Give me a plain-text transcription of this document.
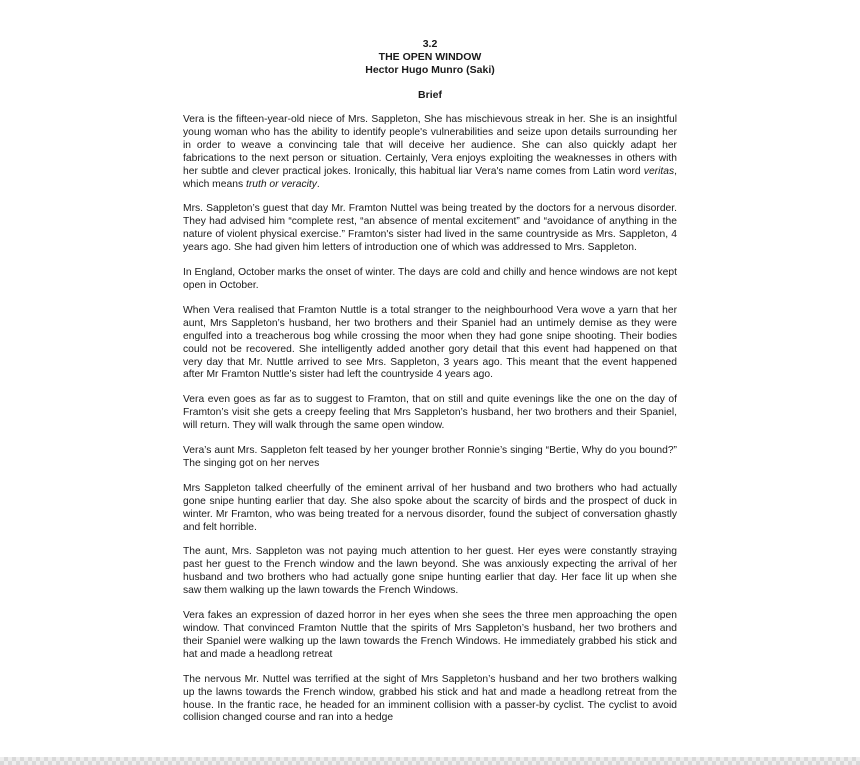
3.2
THE OPEN WINDOW
Hector Hugo Munro (Saki)
Brief

Vera is the fifteen-year-old niece of Mrs. Sappleton, She has mischievous streak in her. She is an insightful young woman who has the ability to identify people's vulnerabilities and seize upon details surrounding her in order to weave a convincing tale that will deceive her audience. She can also quickly adapt her fabrications to the next person or situation. Certainly, Vera enjoys exploiting the weaknesses in others with her subtle and clever practical jokes. Ironically, this habitual liar Vera's name comes from Latin word veritas, which means truth or veracity.

Mrs. Sappleton’s guest that day Mr. Framton Nuttel was being treated by the doctors for a nervous disorder. They had advised him “complete rest, “an absence of mental excitement” and “avoidance of anything in the nature of violent physical exercise.” Framton's sister had lived in the same countryside as Mrs. Sappleton, 4 years ago. She had given him letters of introduction one of which was addressed to Mrs. Sappleton.

In England, October marks the onset of winter. The days are cold and chilly and hence windows are not kept open in October.

When Vera realised that Framton Nuttle is a total stranger to the neighbourhood Vera wove a yarn that her aunt, Mrs Sappleton’s husband, her two brothers and their Spaniel had an untimely demise as they were engulfed into a treacherous bog while crossing the moor when they had gone snipe shooting. Their bodies could not be recovered. She intelligently added another gory detail that this event had happened on that very day that Mr. Nuttle arrived to see Mrs. Sappleton, 3 years ago. This meant that the event happened after Mr Framton Nuttle’s sister had left the countryside 4 years ago.

Vera even goes as far as to suggest to Framton, that on still and quite evenings like the one on the day of Framton’s visit she gets a creepy feeling that Mrs Sappleton’s husband, her two brothers and their Spaniel, will return. They will walk through the same open window.

Vera’s aunt Mrs. Sappleton felt teased by her younger brother Ronnie’s singing “Bertie, Why do you bound?” The singing got on her nerves

Mrs Sappleton talked cheerfully of the eminent arrival of her husband and two brothers who had actually gone snipe hunting earlier that day. She also spoke about the scarcity of birds and the prospect of duck in winter. Mr Framton, who was being treated for a nervous disorder, found the subject of conversation ghastly and felt horrible.

The aunt, Mrs. Sappleton was not paying much attention to her guest. Her eyes were constantly straying past her guest to the French window and the lawn beyond. She was anxiously expecting the arrival of her husband and two brothers who had actually gone snipe hunting earlier that day. Her face lit up when she saw them walking up the lawn towards the French Windows.

Vera fakes an expression of dazed horror in her eyes when she sees the three men approaching the open window. That convinced Framton Nuttle that the spirits of Mrs Sappleton’s husband, her two brothers and their Spaniel were walking up the lawn towards the French Windows. He immediately grabbed his stick and hat and made a headlong retreat

The nervous Mr. Nuttel was terrified at the sight of Mrs Sappleton’s husband and her two brothers walking up the lawns towards the French window, grabbed his stick and hat and made a headlong retreat from the house. In the frantic race, he headed for an imminent collision with a passer-by cyclist. The cyclist to avoid collision changed course and ran into a hedge
